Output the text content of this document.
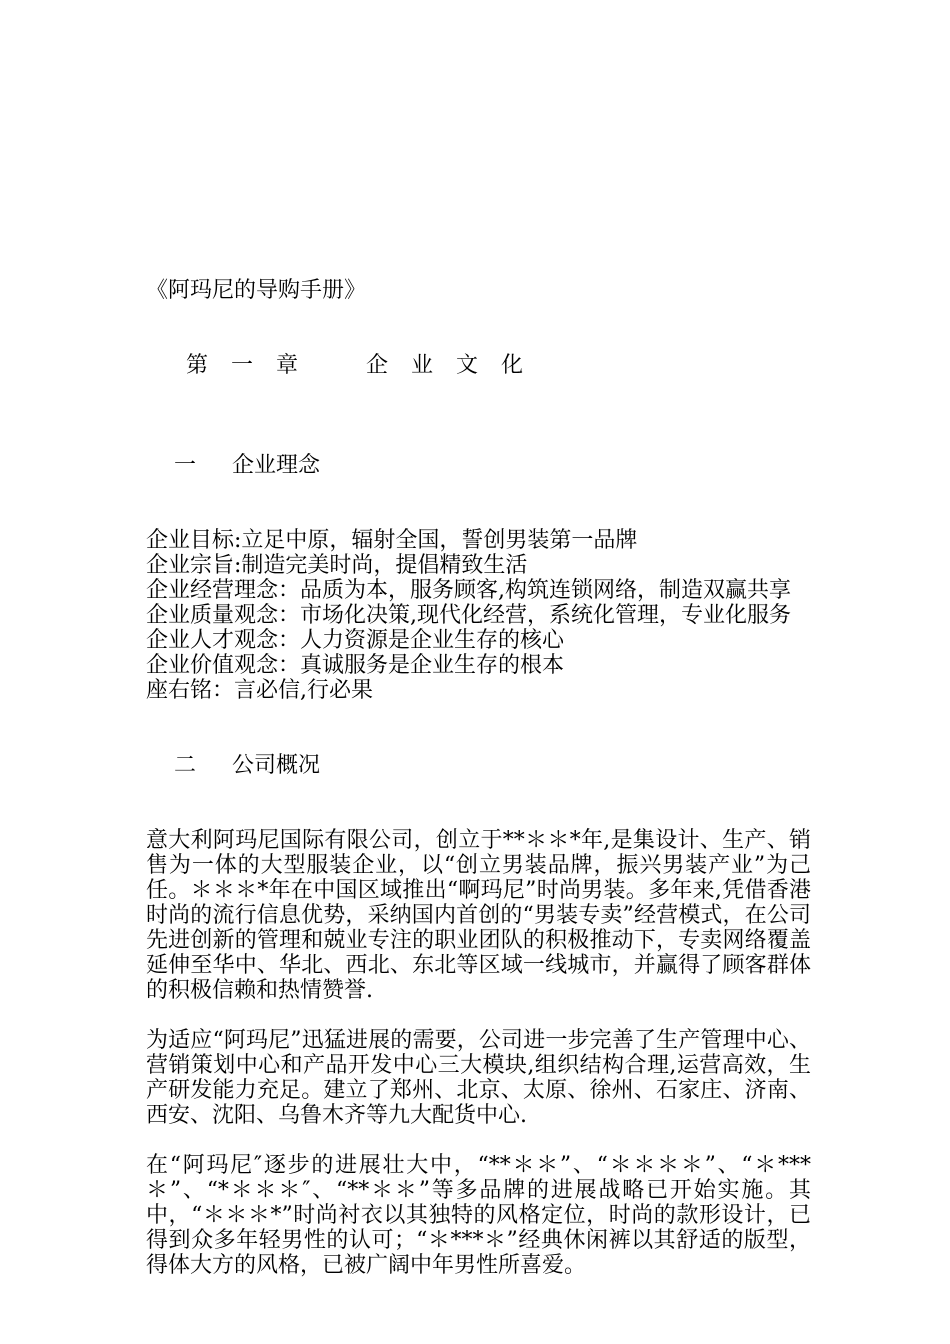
《阿玛尼的导购手册》

第 一 章	企 业 文 化

一 企业理念

企业目标:立足中原，辐射全国，誓创男装第一品牌
企业宗旨:制造完美时尚，提倡精致生活
企业经营理念：品质为本，服务顾客,构筑连锁网络，制造双赢共享
企业质量观念：市场化决策,现代化经营，系统化管理，专业化服务
企业人才观念：人力资源是企业生存的核心
企业价值观念：真诚服务是企业生存的根本
座右铭：言必信,行必果

二 公司概况

意大利阿玛尼国际有限公司，创立于**＊＊*年,是集设计、生产、销售为一体的大型服装企业，以“创立男装品牌，振兴男装产业”为己任。＊＊＊*年在中国区域推出“啊玛尼”时尚男装。多年来,凭借香港时尚的流行信息优势，采纳国内首创的“男装专卖”经营模式，在公司先进创新的管理和兢业专注的职业团队的积极推动下，专卖网络覆盖延伸至华中、华北、西北、东北等区域一线城市，并赢得了顾客群体的积极信赖和热情赞誉.

为适应“阿玛尼”迅猛进展的需要，公司进一步完善了生产管理中心、营销策划中心和产品开发中心三大模块,组织结构合理,运营高效，生产研发能力充足。建立了郑州、北京、太原、徐州、石家庄、济南、西安、沈阳、乌鲁木齐等九大配货中心.

在“阿玛尼″逐步的进展壮大中，“**＊＊”、“＊＊＊＊”、“＊***＊”、“*＊＊＊″、“**＊＊”等多品牌的进展战略已开始实施。其中，“＊＊＊*”时尚衬衣以其独特的风格定位，时尚的款形设计，已得到众多年轻男性的认可；“＊***＊”经典休闲裤以其舒适的版型，得体大方的风格，已被广阔中年男性所喜爱。
